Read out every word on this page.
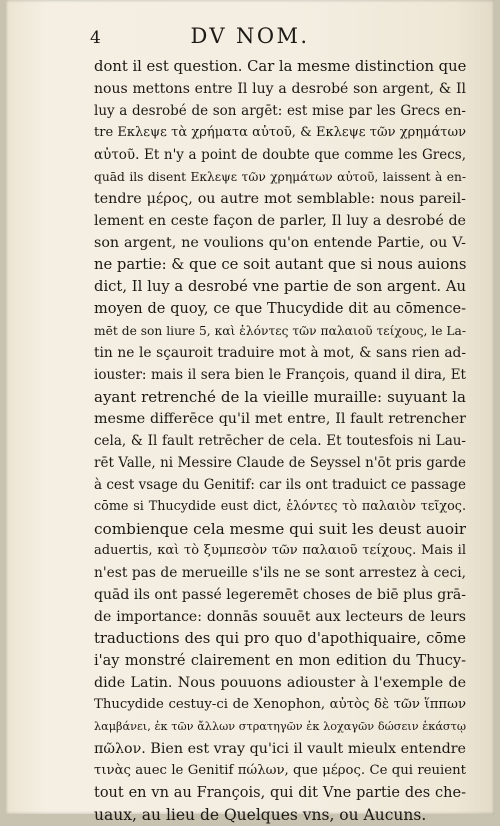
4	DV NOM.
dont il est question. Car la mesme distinction que
nous mettons entre Il luy a desrobé son argent, & Il
luy a desrobé de son argēt: est mise par les Grecs en-
tre Εκλεψε τὰ χρήματα αὐτοῦ, & Εκλεψε τῶν χρημάτων
αὐτοῦ. Et n'y a point de doubte que comme les Grecs,
quād ils disent Εκλεψε τῶν χρημάτων αὐτοῦ, laissent à en-
tendre μέρος, ou autre mot semblable: nous pareil-
lement en ceste façon de parler, Il luy a desrobé de
son argent, ne voulions qu'on entende Partie, ou V-
ne partie: & que ce soit autant que si nous auions
dict, Il luy a desrobé vne partie de son argent. Au
moyen de quoy, ce que Thucydide dit au cōmence-
mēt de son liure 5, καὶ ἑλόντες τῶν παλαιοῦ τείχους, le La-
tin ne le sçauroit traduire mot à mot, & sans rien ad-
iouster: mais il sera bien le François, quand il dira, Et
ayant retrenché de la vieille muraille: suyuant la
mesme differēce qu'il met entre, Il fault retrencher
cela, & Il fault retrēcher de cela. Et toutesfois ni Lau-
rēt Valle, ni Messire Claude de Seyssel n'ōt pris garde
à cest vsage du Genitif: car ils ont traduict ce passage
cōme si Thucydide eust dict, ἑλόντες τὸ παλαιὸν τεῖχος.
combienque cela mesme qui suit les deust auoir
aduertis, καὶ τὸ ξυμπεσὸν τῶν παλαιοῦ τείχους. Mais il
n'est pas de merueille s'ils ne se sont arrestez à ceci,
quād ils ont passé legeremēt choses de biē plus grā-
de importance: donnās souuēt aux lecteurs de leurs
traductions des qui pro quo d'apothiquaire, cōme
i'ay monstré clairement en mon edition du Thucy-
dide Latin. Nous pouuons adiouster à l'exemple de
Thucydide cestuy-ci de Xenophon, αὐτὸς δὲ τῶν ἵππων
λαμβάνει, ἐκ τῶν ἄλλων στρατηγῶν ἐκ λοχαγῶν δώσειν ἑκάστῳ
πῶλον. Bien est vray qu'ici il vault mieulx entendre
τινὰς auec le Genitif πώλων, que μέρος. Ce qui reuient
tout en vn au François, qui dit Vne partie des che-
uaux, au lieu de Quelques vns, ou Aucuns.
